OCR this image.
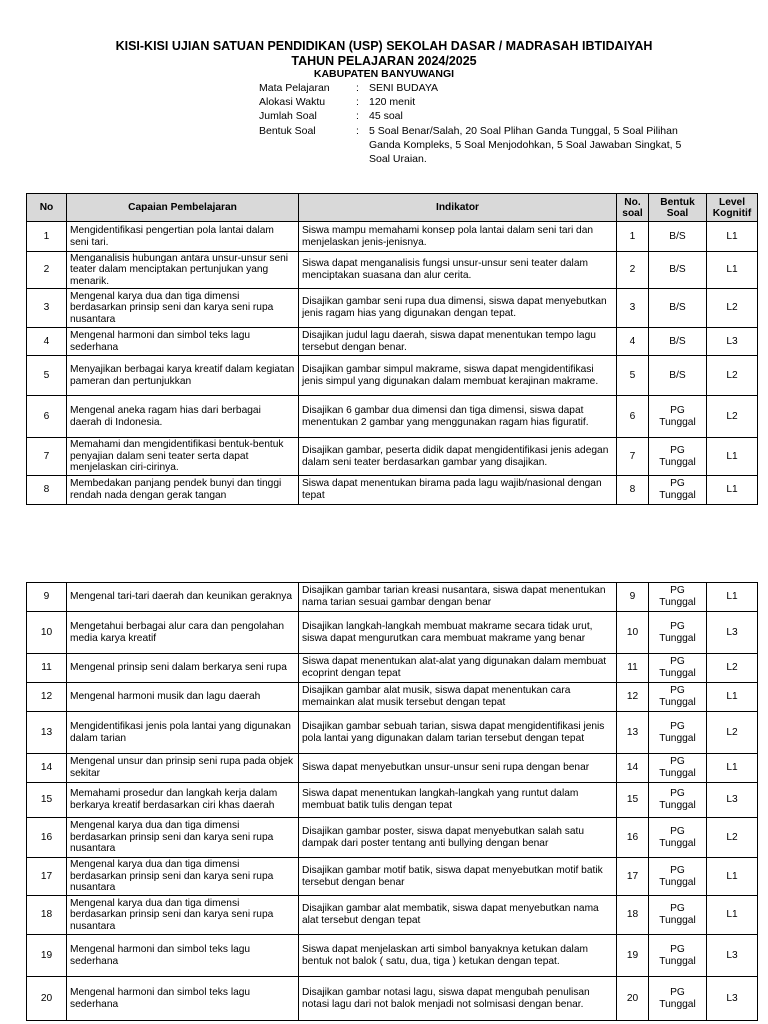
KISI-KISI UJIAN SATUAN PENDIDIKAN (USP) SEKOLAH DASAR / MADRASAH IBTIDAIYAH
TAHUN PELAJARAN 2024/2025
KABUPATEN BANYUWANGI
Mata Pelajaran	: SENI BUDAYA
Alokasi Waktu	: 120 menit
Jumlah Soal	: 45 soal
Bentuk Soal	: 5 Soal Benar/Salah, 20 Soal Plihan Ganda Tunggal, 5 Soal Pilihan Ganda Kompleks, 5 Soal Menjodohkan, 5 Soal Jawaban Singkat, 5 Soal Uraian.
No	Capaian Pembelajaran	Indikator	No. soal	Bentuk Soal	Level Kognitif
1	Mengidentifikasi pengertian pola lantai dalam seni tari.	Siswa mampu memahami konsep pola lantai dalam seni tari dan menjelaskan jenis-jenisnya.	1	B/S	L1
2	Menganalisis hubungan antara unsur-unsur seni teater dalam menciptakan pertunjukan yang menarik.	Siswa dapat menganalisis fungsi unsur-unsur seni teater dalam menciptakan suasana dan alur cerita.	2	B/S	L1
3	Mengenal karya dua dan tiga dimensi berdasarkan prinsip seni dan karya seni rupa nusantara	Disajikan gambar seni rupa dua dimensi, siswa dapat menyebutkan jenis ragam hias yang digunakan dengan tepat.	3	B/S	L2
4	Mengenal harmoni dan simbol teks lagu sederhana	Disajikan judul lagu daerah, siswa dapat menentukan tempo lagu tersebut dengan benar.	4	B/S	L3
5	Menyajikan berbagai karya kreatif dalam kegiatan pameran dan pertunjukkan	Disajikan gambar simpul makrame, siswa dapat mengidentifikasi jenis simpul yang digunakan dalam membuat kerajinan makrame.	5	B/S	L2
6	Mengenal aneka ragam hias dari berbagai daerah di Indonesia.	Disajikan 6 gambar dua dimensi dan tiga dimensi, siswa dapat menentukan 2 gambar yang menggunakan ragam hias figuratif.	6	PG Tunggal	L2
7	Memahami dan mengidentifikasi bentuk-bentuk penyajian dalam seni teater serta dapat menjelaskan ciri-cirinya.	Disajikan gambar, peserta didik dapat mengidentifikasi jenis adegan dalam seni teater berdasarkan gambar yang disajikan.	7	PG Tunggal	L1
8	Membedakan panjang pendek bunyi dan tinggi rendah nada dengan gerak tangan	Siswa dapat menentukan birama pada lagu wajib/nasional dengan tepat	8	PG Tunggal	L1
9	Mengenal tari-tari daerah dan keunikan geraknya	Disajikan gambar tarian kreasi nusantara, siswa dapat menentukan nama tarian sesuai gambar dengan benar	9	PG Tunggal	L1
10	Mengetahui berbagai alur cara dan pengolahan media karya kreatif	Disajikan langkah-langkah membuat makrame secara tidak urut, siswa dapat mengurutkan cara membuat makrame yang benar	10	PG Tunggal	L3
11	Mengenal prinsip seni dalam berkarya seni rupa	Siswa dapat menentukan alat-alat yang digunakan dalam membuat ecoprint dengan tepat	11	PG Tunggal	L2
12	Mengenal harmoni musik dan lagu daerah	Disajikan gambar alat musik, siswa dapat menentukan cara memainkan alat musik tersebut dengan tepat	12	PG Tunggal	L1
13	Mengidentifikasi jenis pola lantai yang digunakan dalam tarian	Disajikan gambar sebuah tarian, siswa dapat mengidentifikasi jenis pola lantai yang digunakan dalam tarian tersebut dengan tepat	13	PG Tunggal	L2
14	Mengenal unsur dan prinsip seni rupa pada objek sekitar	Siswa dapat menyebutkan unsur-unsur seni rupa dengan benar	14	PG Tunggal	L1
15	Memahami prosedur dan langkah kerja dalam berkarya kreatif berdasarkan ciri khas daerah	Siswa dapat menentukan langkah-langkah yang runtut dalam membuat batik tulis dengan tepat	15	PG Tunggal	L3
16	Mengenal karya dua dan tiga dimensi berdasarkan prinsip seni dan karya seni rupa nusantara	Disajikan gambar poster, siswa dapat menyebutkan salah satu dampak dari poster tentang anti bullying dengan benar	16	PG Tunggal	L2
17	Mengenal karya dua dan tiga dimensi berdasarkan prinsip seni dan karya seni rupa nusantara	Disajikan gambar motif batik, siswa dapat menyebutkan motif batik tersebut dengan benar	17	PG Tunggal	L1
18	Mengenal karya dua dan tiga dimensi berdasarkan prinsip seni dan karya seni rupa nusantara	Disajikan gambar alat membatik, siswa dapat menyebutkan nama alat tersebut dengan tepat	18	PG Tunggal	L1
19	Mengenal harmoni dan simbol teks lagu sederhana	Siswa dapat menjelaskan arti simbol banyaknya ketukan dalam bentuk not balok ( satu, dua, tiga ) ketukan dengan tepat.	19	PG Tunggal	L3
20	Mengenal harmoni dan simbol teks lagu sederhana	Disajikan gambar notasi lagu, siswa dapat mengubah penulisan notasi lagu dari not balok menjadi not solmisasi dengan benar.	20	PG Tunggal	L3
